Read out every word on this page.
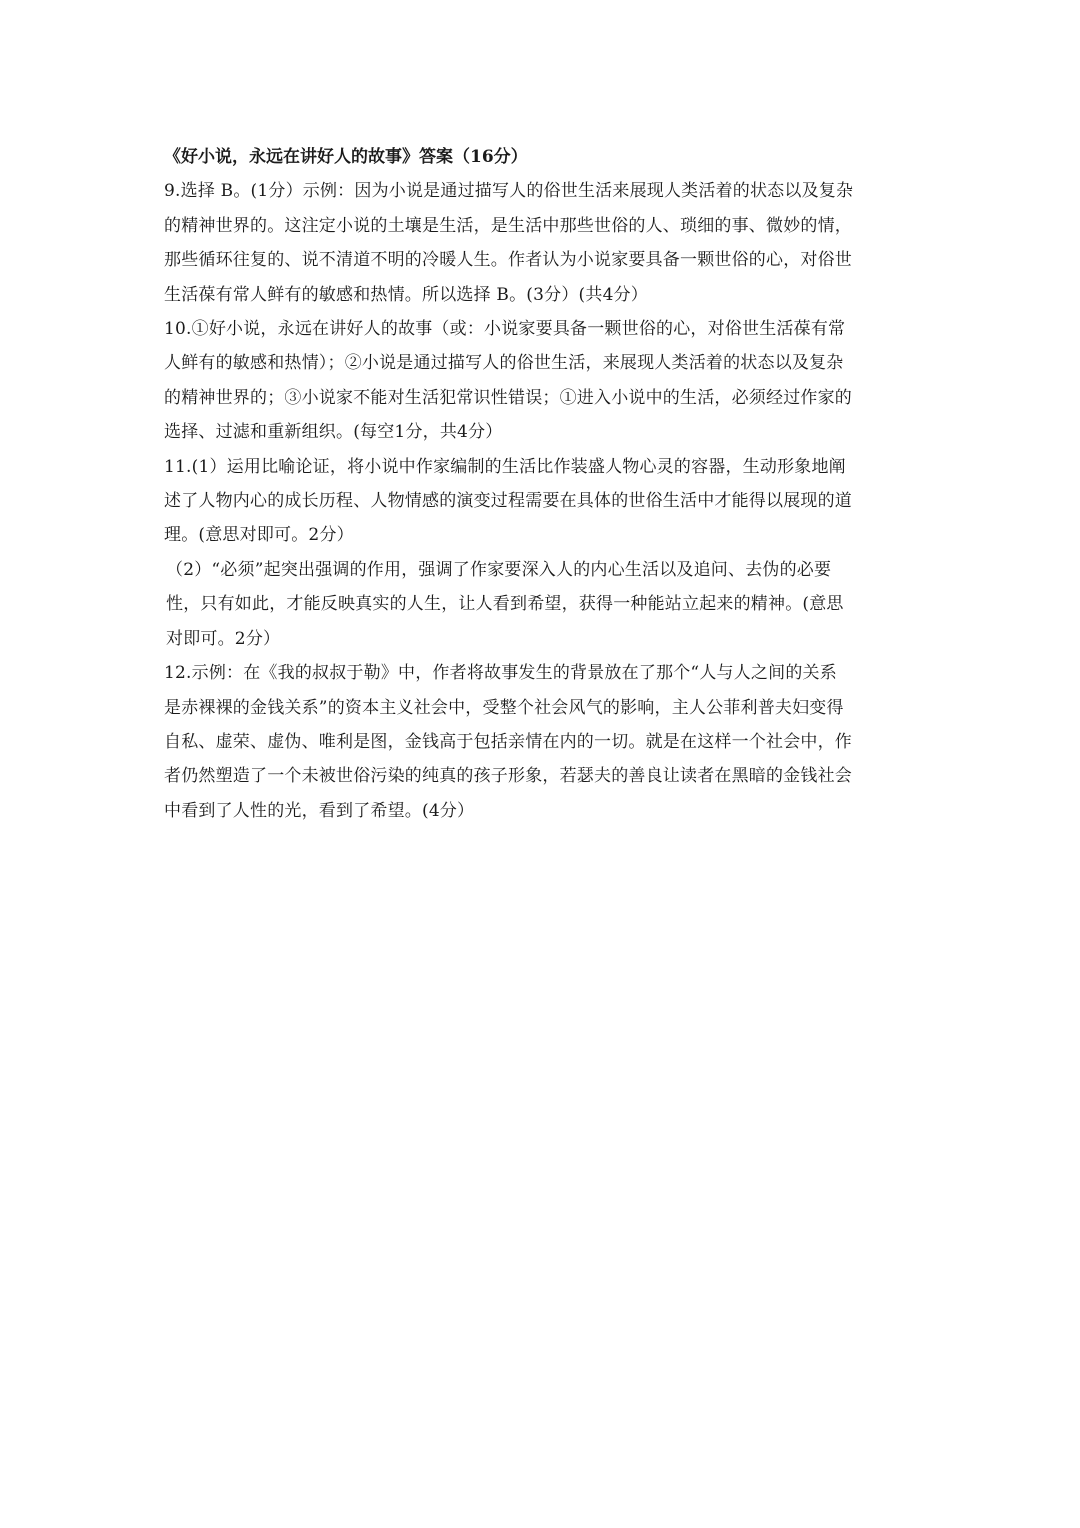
《好小说，永远在讲好人的故事》答案（16分）

9.选择 B。(1分）示例：因为小说是通过描写人的俗世生活来展现人类活着的状态以及复杂

的精神世界的。这注定小说的土壤是生活，是生活中那些世俗的人、琐细的事、微妙的情，

那些循环往复的、说不清道不明的冷暖人生。作者认为小说家要具备一颗世俗的心，对俗世

生活葆有常人鲜有的敏感和热情。所以选择 B。(3分）(共4分）

10.①好小说，永远在讲好人的故事（或：小说家要具备一颗世俗的心，对俗世生活葆有常

人鲜有的敏感和热情）；②小说是通过描写人的俗世生活，来展现人类活着的状态以及复杂

的精神世界的；③小说家不能对生活犯常识性错误；①进入小说中的生活，必须经过作家的

选择、过滤和重新组织。(每空1分，共4分）

11.(1）运用比喻论证，将小说中作家编制的生活比作装盛人物心灵的容器，生动形象地阐

述了人物内心的成长历程、人物情感的演变过程需要在具体的世俗生活中才能得以展现的道

理。(意思对即可。2分）

（2）“必须”起突出强调的作用，强调了作家要深入人的内心生活以及追问、去伪的必要

性，只有如此，才能反映真实的人生，让人看到希望，获得一种能站立起来的精神。(意思

对即可。2分）

12.示例：在《我的叔叔于勒》中，作者将故事发生的背景放在了那个“人与人之间的关系

是赤裸裸的金钱关系”的资本主义社会中，受整个社会风气的影响，主人公菲利普夫妇变得

自私、虚荣、虚伪、唯利是图，金钱高于包括亲情在内的一切。就是在这样一个社会中，作

者仍然塑造了一个未被世俗污染的纯真的孩子形象，若瑟夫的善良让读者在黑暗的金钱社会

中看到了人性的光，看到了希望。(4分）
